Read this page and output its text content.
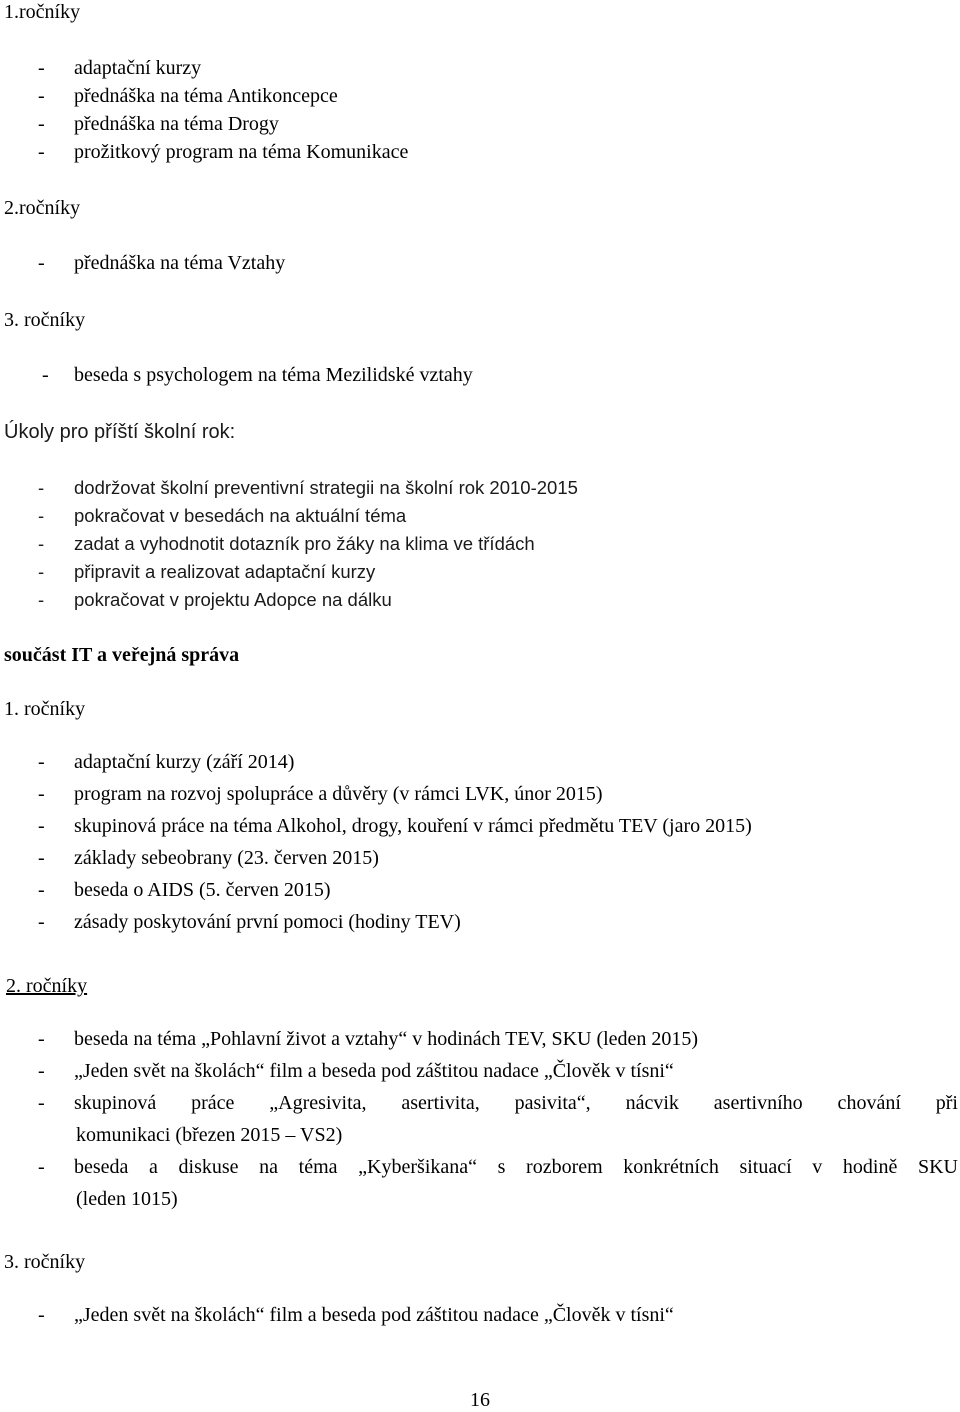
1.ročníky
- adaptační kurzy
- přednáška na téma Antikoncepce
- přednáška na téma Drogy
- prožitkový program na téma Komunikace
2.ročníky
- přednáška na téma Vztahy
3. ročníky
- beseda s psychologem na téma Mezilidské vztahy
Úkoly pro příští školní rok:
- dodržovat školní preventivní strategii na školní rok 2010-2015
- pokračovat v besedách na aktuální téma
- zadat a vyhodnotit dotazník pro žáky na klima ve třídách
- připravit a realizovat adaptační kurzy
- pokračovat v projektu Adopce na dálku
součást IT a veřejná správa
1. ročníky
- adaptační kurzy (září 2014)
- program na rozvoj spolupráce a důvěry (v rámci LVK, únor 2015)
- skupinová práce na téma Alkohol, drogy, kouření v rámci předmětu TEV (jaro 2015)
- základy sebeobrany (23. červen 2015)
- beseda o AIDS (5. červen 2015)
- zásady poskytování první pomoci (hodiny TEV)
2. ročníky
- beseda na téma „Pohlavní život a vztahy“ v hodinách TEV, SKU (leden 2015)
- „Jeden svět na školách“ film a beseda pod záštitou nadace „Člověk v tísni“
- skupinová práce „Agresivita, asertivita, pasivita“, nácvik asertivního chování při
komunikaci (březen 2015 – VS2)
- beseda a diskuse na téma „Kyberšikana“ s rozborem konkrétních situací v hodině SKU
(leden 1015)
3. ročníky
- „Jeden svět na školách“ film a beseda pod záštitou nadace „Člověk v tísni“
16
